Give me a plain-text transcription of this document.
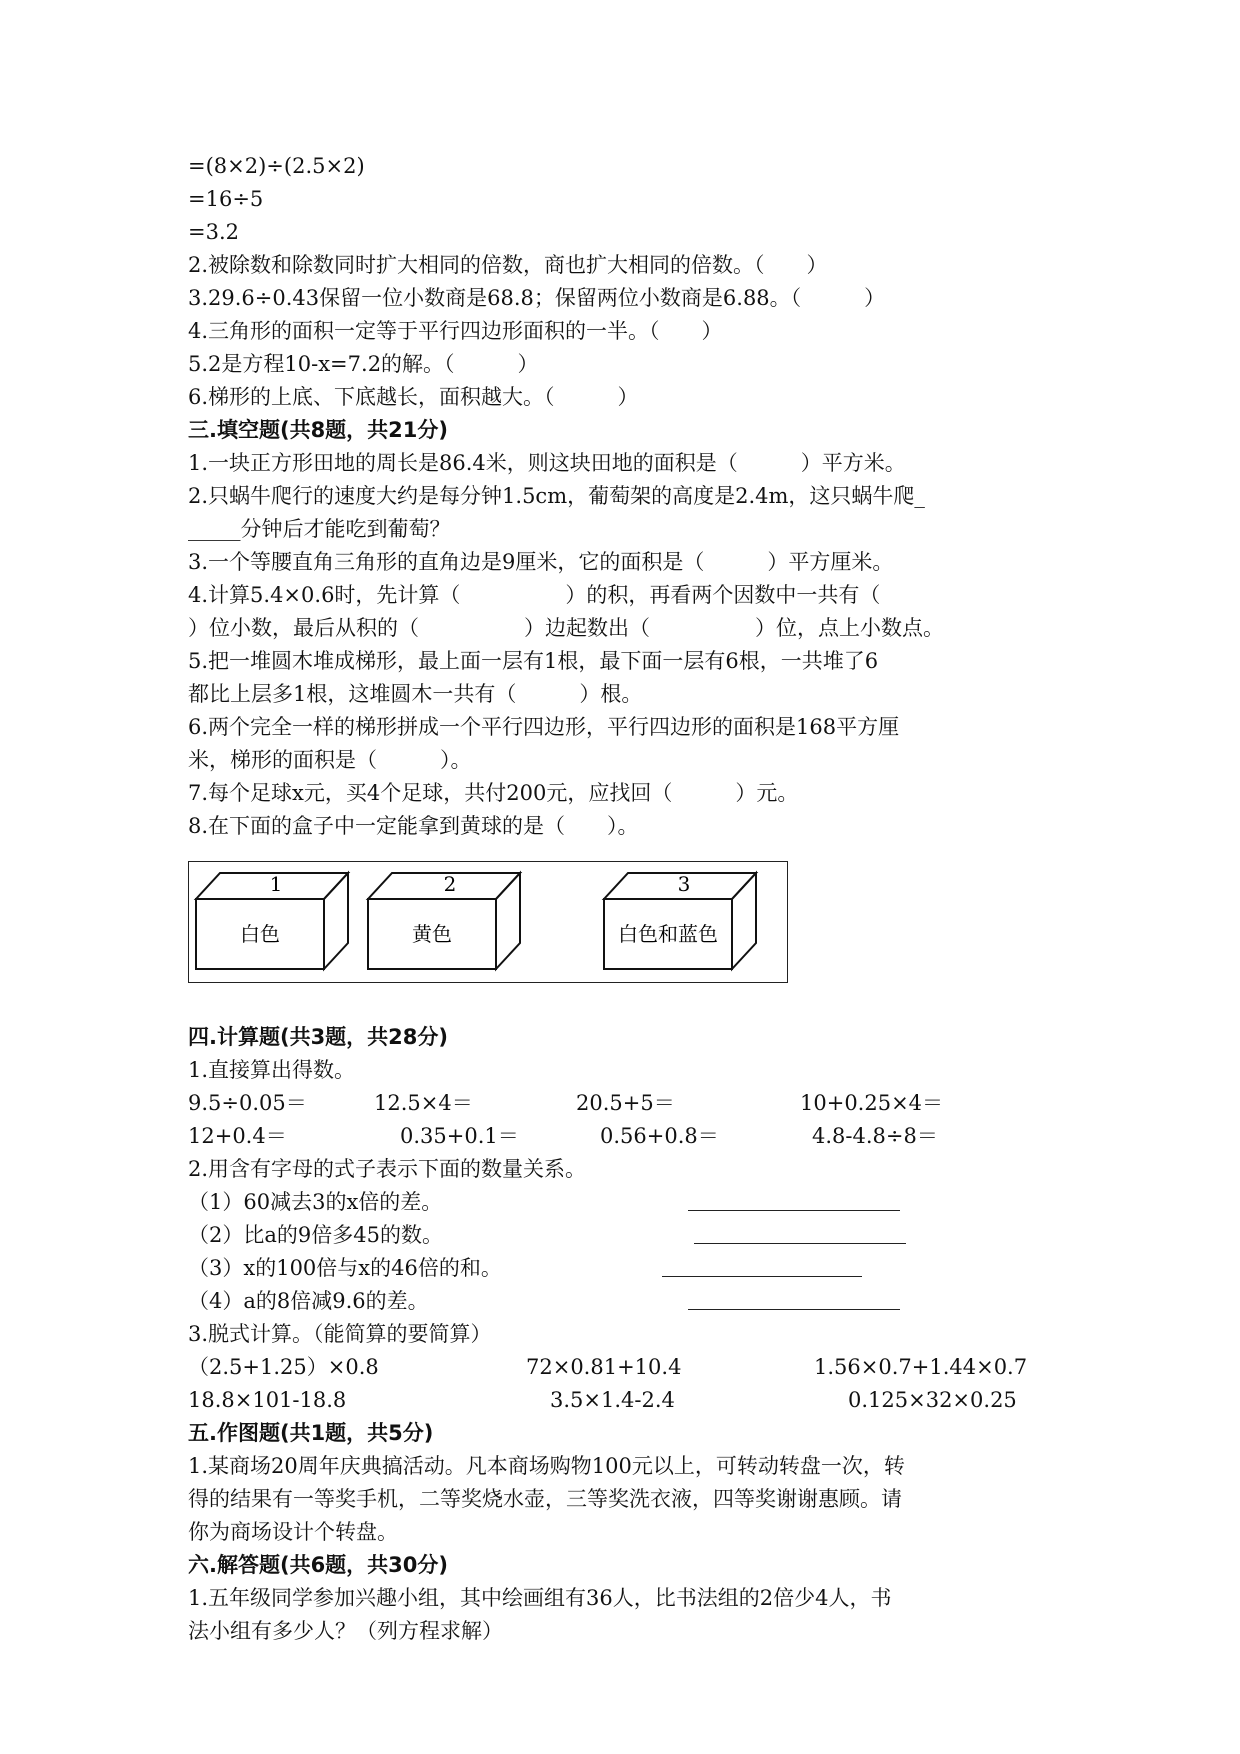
=(8×2)÷(2.5×2)
=16÷5
=3.2
2.被除数和除数同时扩大相同的倍数，商也扩大相同的倍数。（　　）
3.29.6÷0.43保留一位小数商是68.8；保留两位小数商是6.88。（　　　）
4.三角形的面积一定等于平行四边形面积的一半。（　　）
5.2是方程10-x=7.2的解。（　　　）
6.梯形的上底、下底越长，面积越大。（　　　）
三.填空题(共8题，共21分)
1.一块正方形田地的周长是86.4米，则这块田地的面积是（　　　）平方米。
2.只蜗牛爬行的速度大约是每分钟1.5cm，葡萄架的高度是2.4m，这只蜗牛爬_
_____分钟后才能吃到葡萄？
3.一个等腰直角三角形的直角边是9厘米，它的面积是（　　　）平方厘米。
4.计算5.4×0.6时，先计算（　　　　　）的积，再看两个因数中一共有（
）位小数，最后从积的（　　　　　）边起数出（　　　　　）位，点上小数点。
5.把一堆圆木堆成梯形，最上面一层有1根，最下面一层有6根，一共堆了6
都比上层多1根，这堆圆木一共有（　　　）根。
6.两个完全一样的梯形拼成一个平行四边形，平行四边形的面积是168平方厘
米，梯形的面积是（　　　）。
7.每个足球x元，买4个足球，共付200元，应找回（　　　）元。
8.在下面的盒子中一定能拿到黄球的是（　　）。
1
白色
2
黄色
3
白色和蓝色
四.计算题(共3题，共28分)
1.直接算出得数。
9.5÷0.05＝	12.5×4＝	20.5+5＝	10+0.25×4＝
12+0.4＝	0.35+0.1＝	0.56+0.8＝	4.8-4.8÷8＝
2.用含有字母的式子表示下面的数量关系。
（1）60减去3的x倍的差。
（2）比a的9倍多45的数。
（3）x的100倍与x的46倍的和。
（4）a的8倍减9.6的差。
3.脱式计算。（能简算的要简算）
（2.5+1.25）×0.8	72×0.81+10.4	1.56×0.7+1.44×0.7
18.8×101-18.8	3.5×1.4-2.4	0.125×32×0.25
五.作图题(共1题，共5分)
1.某商场20周年庆典搞活动。凡本商场购物100元以上，可转动转盘一次，转
得的结果有一等奖手机，二等奖烧水壶，三等奖洗衣液，四等奖谢谢惠顾。请
你为商场设计个转盘。
六.解答题(共6题，共30分)
1.五年级同学参加兴趣小组，其中绘画组有36人，比书法组的2倍少4人，书
法小组有多少人？（列方程求解）
